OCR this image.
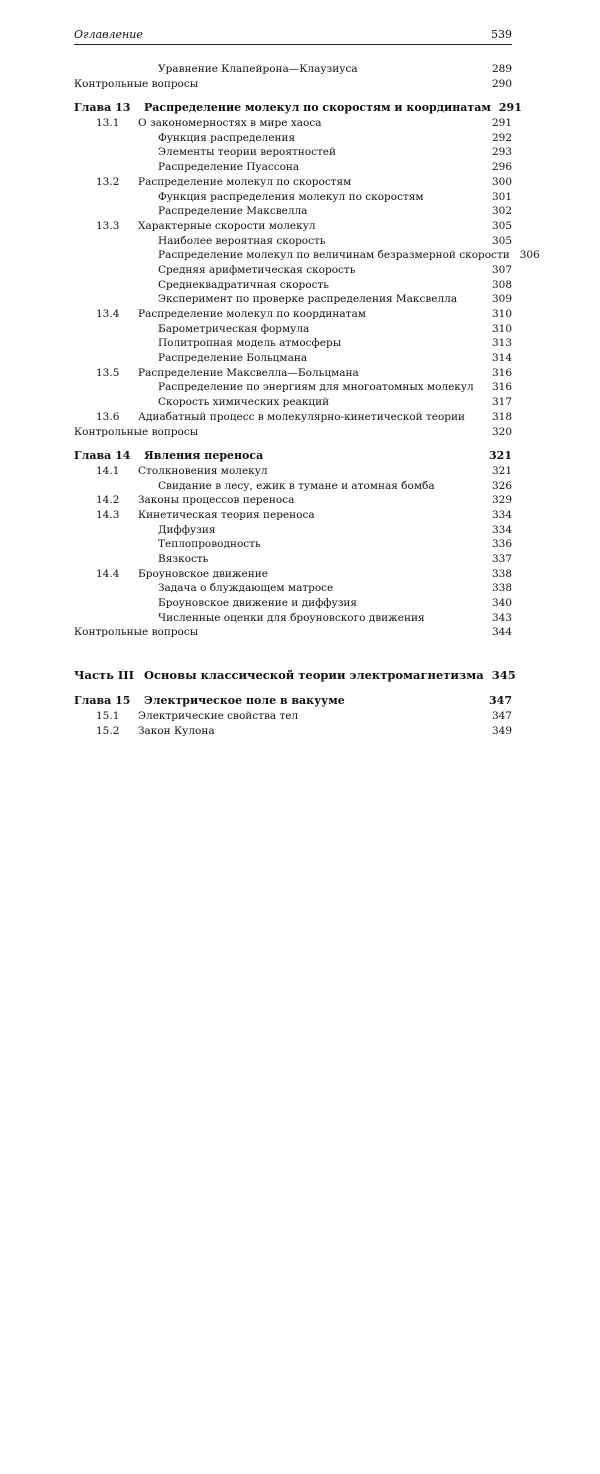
Оглавление	539
Уравнение Клапейрона—Клаузиуса	289
Контрольные вопросы	290
Глава 13	Распределение молекул по скоростям и координатам 291
13.1	О закономерностях в мире хаоса	291
Функция распределения	292
Элементы теории вероятностей	293
Распределение Пуассона	296
13.2	Распределение молекул по скоростям	300
Функция распределения молекул по скоростям	301
Распределение Максвелла	302
13.3	Характерные скорости молекул	305
Наиболее вероятная скорость	305
Распределение молекул по величинам безразмерной скорости 306
Средняя арифметическая скорость	307
Среднеквадратичная скорость	308
Эксперимент по проверке распределения Максвелла	309
13.4	Распределение молекул по координатам	310
Барометрическая формула	310
Политропная модель атмосферы	313
Распределение Больцмана	314
13.5	Распределение Максвелла—Больцмана	316
Распределение по энергиям для многоатомных молекул	316
Скорость химических реакций	317
13.6	Адиабатный процесс в молекулярно-кинетической теории	318
Контрольные вопросы	320
Глава 14	Явления переноса	321
14.1	Столкновения молекул	321
Свидание в лесу, ежик в тумане и атомная бомба	326
14.2	Законы процессов переноса	329
14.3	Кинетическая теория переноса	334
Диффузия	334
Теплопроводность	336
Вязкость	337
14.4	Броуновское движение	338
Задача о блуждающем матросе	338
Броуновское движение и диффузия	340
Численные оценки для броуновского движения	343
Контрольные вопросы	344
Часть III Основы классической теории электромагнетизма 345
Глава 15	Электрическое поле в вакууме	347
15.1	Электрические свойства тел	347
15.2	Закон Кулона	349
